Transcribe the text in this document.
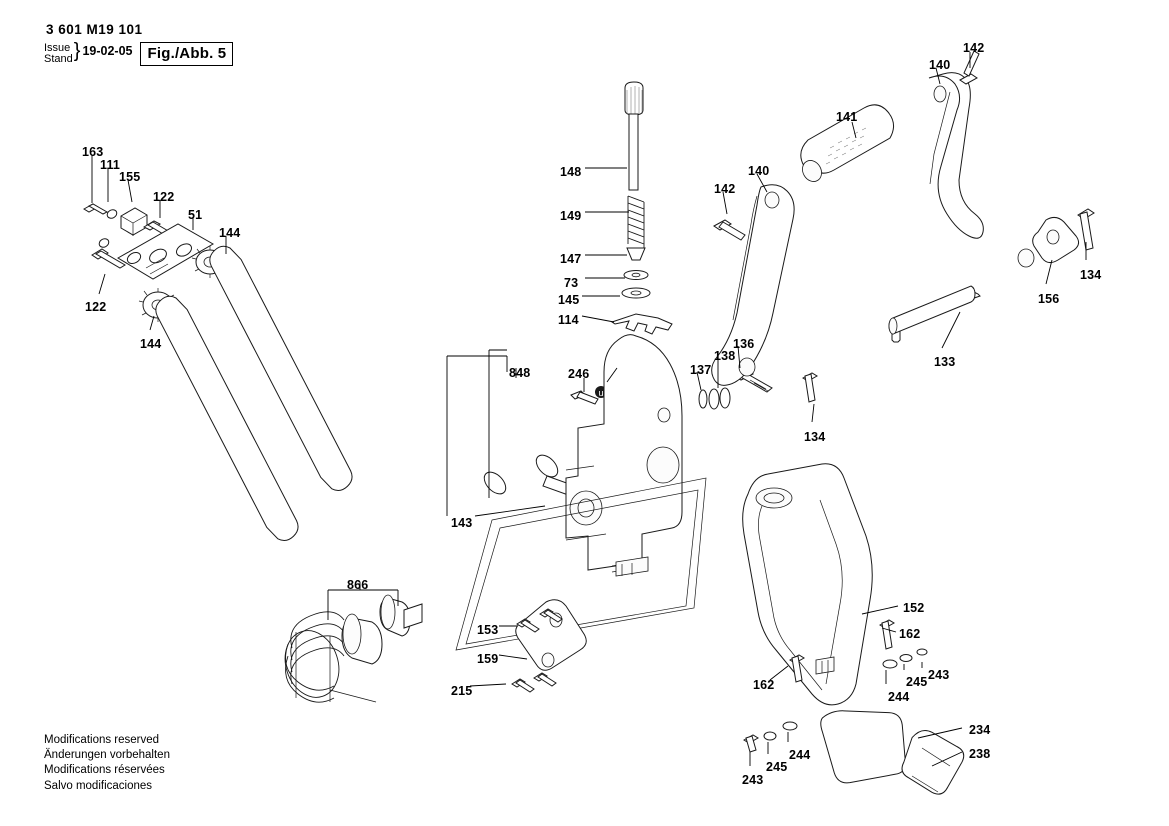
3 601 M19 101
Issue
Stand } 19-02-05	Fig./Abb. 5
u
163
111
155
122
51
144
122
144
848	246
143
148
149
147
73
145
114
137
138
136
134
142
140
141
140
142
134
156
133
866
153
159
215
152
162
243
245
244
162
234
238
244
245
243
Modifications reserved
Änderungen vorbehalten
Modifications réservées
Salvo modificaciones
